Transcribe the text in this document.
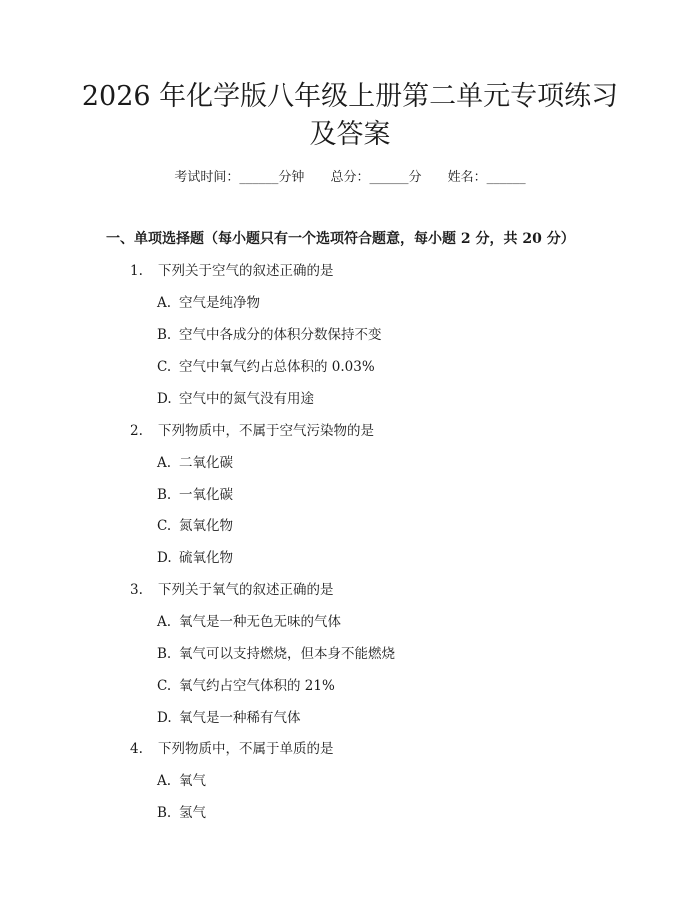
2026 年化学版八年级上册第二单元专项练习
及答案
考试时间：______分钟 总分：______分 姓名：______
一、单项选择题（每小题只有一个选项符合题意，每小题 2 分，共 20 分）
1. 下列关于空气的叙述正确的是
A. 空气是纯净物
B. 空气中各成分的体积分数保持不变
C. 空气中氧气约占总体积的 0.03%
D. 空气中的氮气没有用途
2. 下列物质中，不属于空气污染物的是
A. 二氧化碳
B. 一氧化碳
C. 氮氧化物
D. 硫氧化物
3. 下列关于氧气的叙述正确的是
A. 氧气是一种无色无味的气体
B. 氧气可以支持燃烧，但本身不能燃烧
C. 氧气约占空气体积的 21%
D. 氧气是一种稀有气体
4. 下列物质中，不属于单质的是
A. 氧气
B. 氢气
